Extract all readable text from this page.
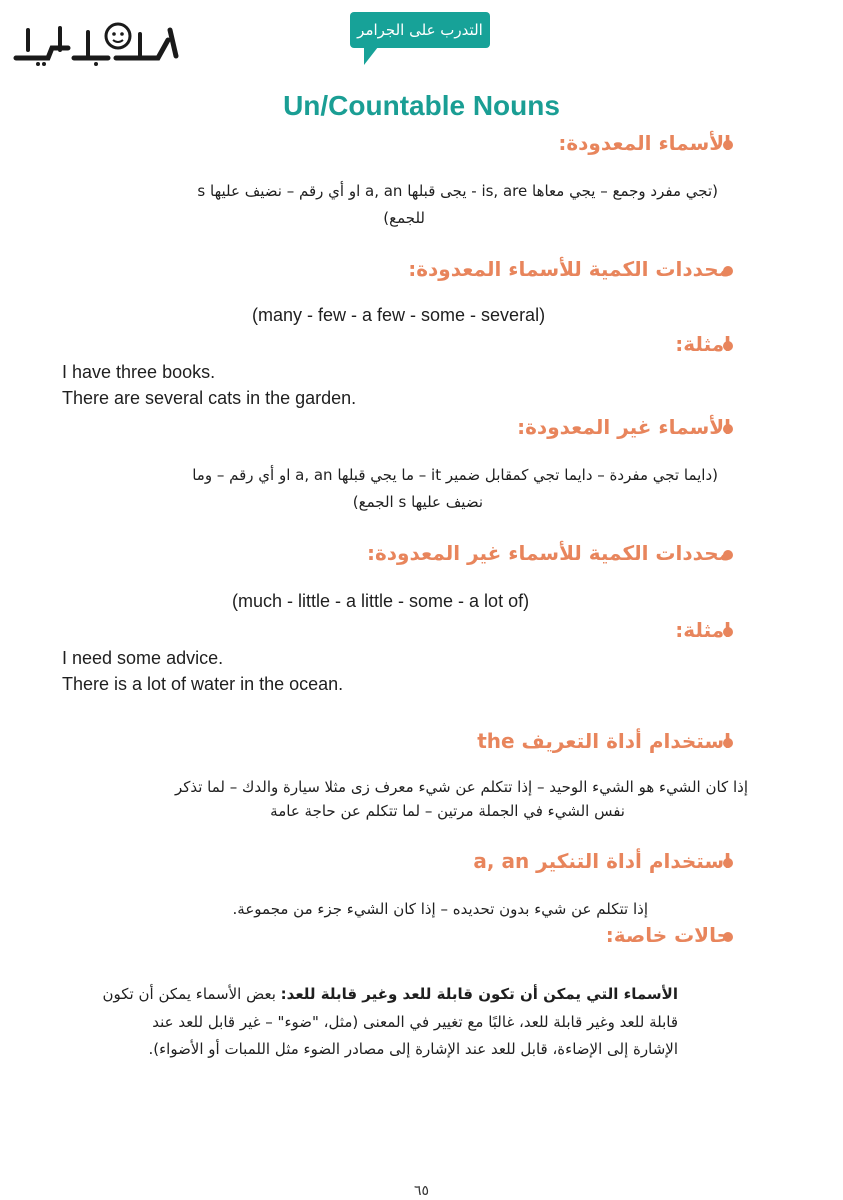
التدرب على الجرامر
Un/Countable Nouns
الأسماء المعدودة:
(تجي مفرد وجمع – يجي معاها is, are - يجى قبلها a, an او أي رقم – نضيف عليها s
للجمع)
محددات الكمية للأسماء المعدودة:
(many - few - a few - some - several)
امثلة:
I have three books.
There are several cats in the garden.
الأسماء غير المعدودة:
(دايما تجي مفردة – دايما تجي كمقابل ضمير it – ما يجي قبلها a, an او أي رقم – وما
نضيف عليها s الجمع)
محددات الكمية للأسماء غير المعدودة:
(much - little - a little - some - a lot of)
امثلة:
I need some advice.
There is a lot of water in the ocean.
استخدام أداة التعريف the
إذا كان الشيء هو الشيء الوحيد – إذا تتكلم عن شيء معرف زى مثلا سيارة والدك – لما تذكر
نفس الشيء في الجملة مرتين – لما تتكلم عن حاجة عامة
استخدام أداة التنكير a, an
إذا تتكلم عن شيء بدون تحديده – إذا كان الشيء جزء من مجموعة.
حالات خاصة:
الأسماء التي يمكن أن تكون قابلة للعد وغير قابلة للعد: بعض الأسماء يمكن أن تكون
قابلة للعد وغير قابلة للعد، غالبًا مع تغيير في المعنى (مثل، "ضوء" – غير قابل للعد عند
الإشارة إلى الإضاءة، قابل للعد عند الإشارة إلى مصادر الضوء مثل اللمبات أو الأضواء).
٦٥
